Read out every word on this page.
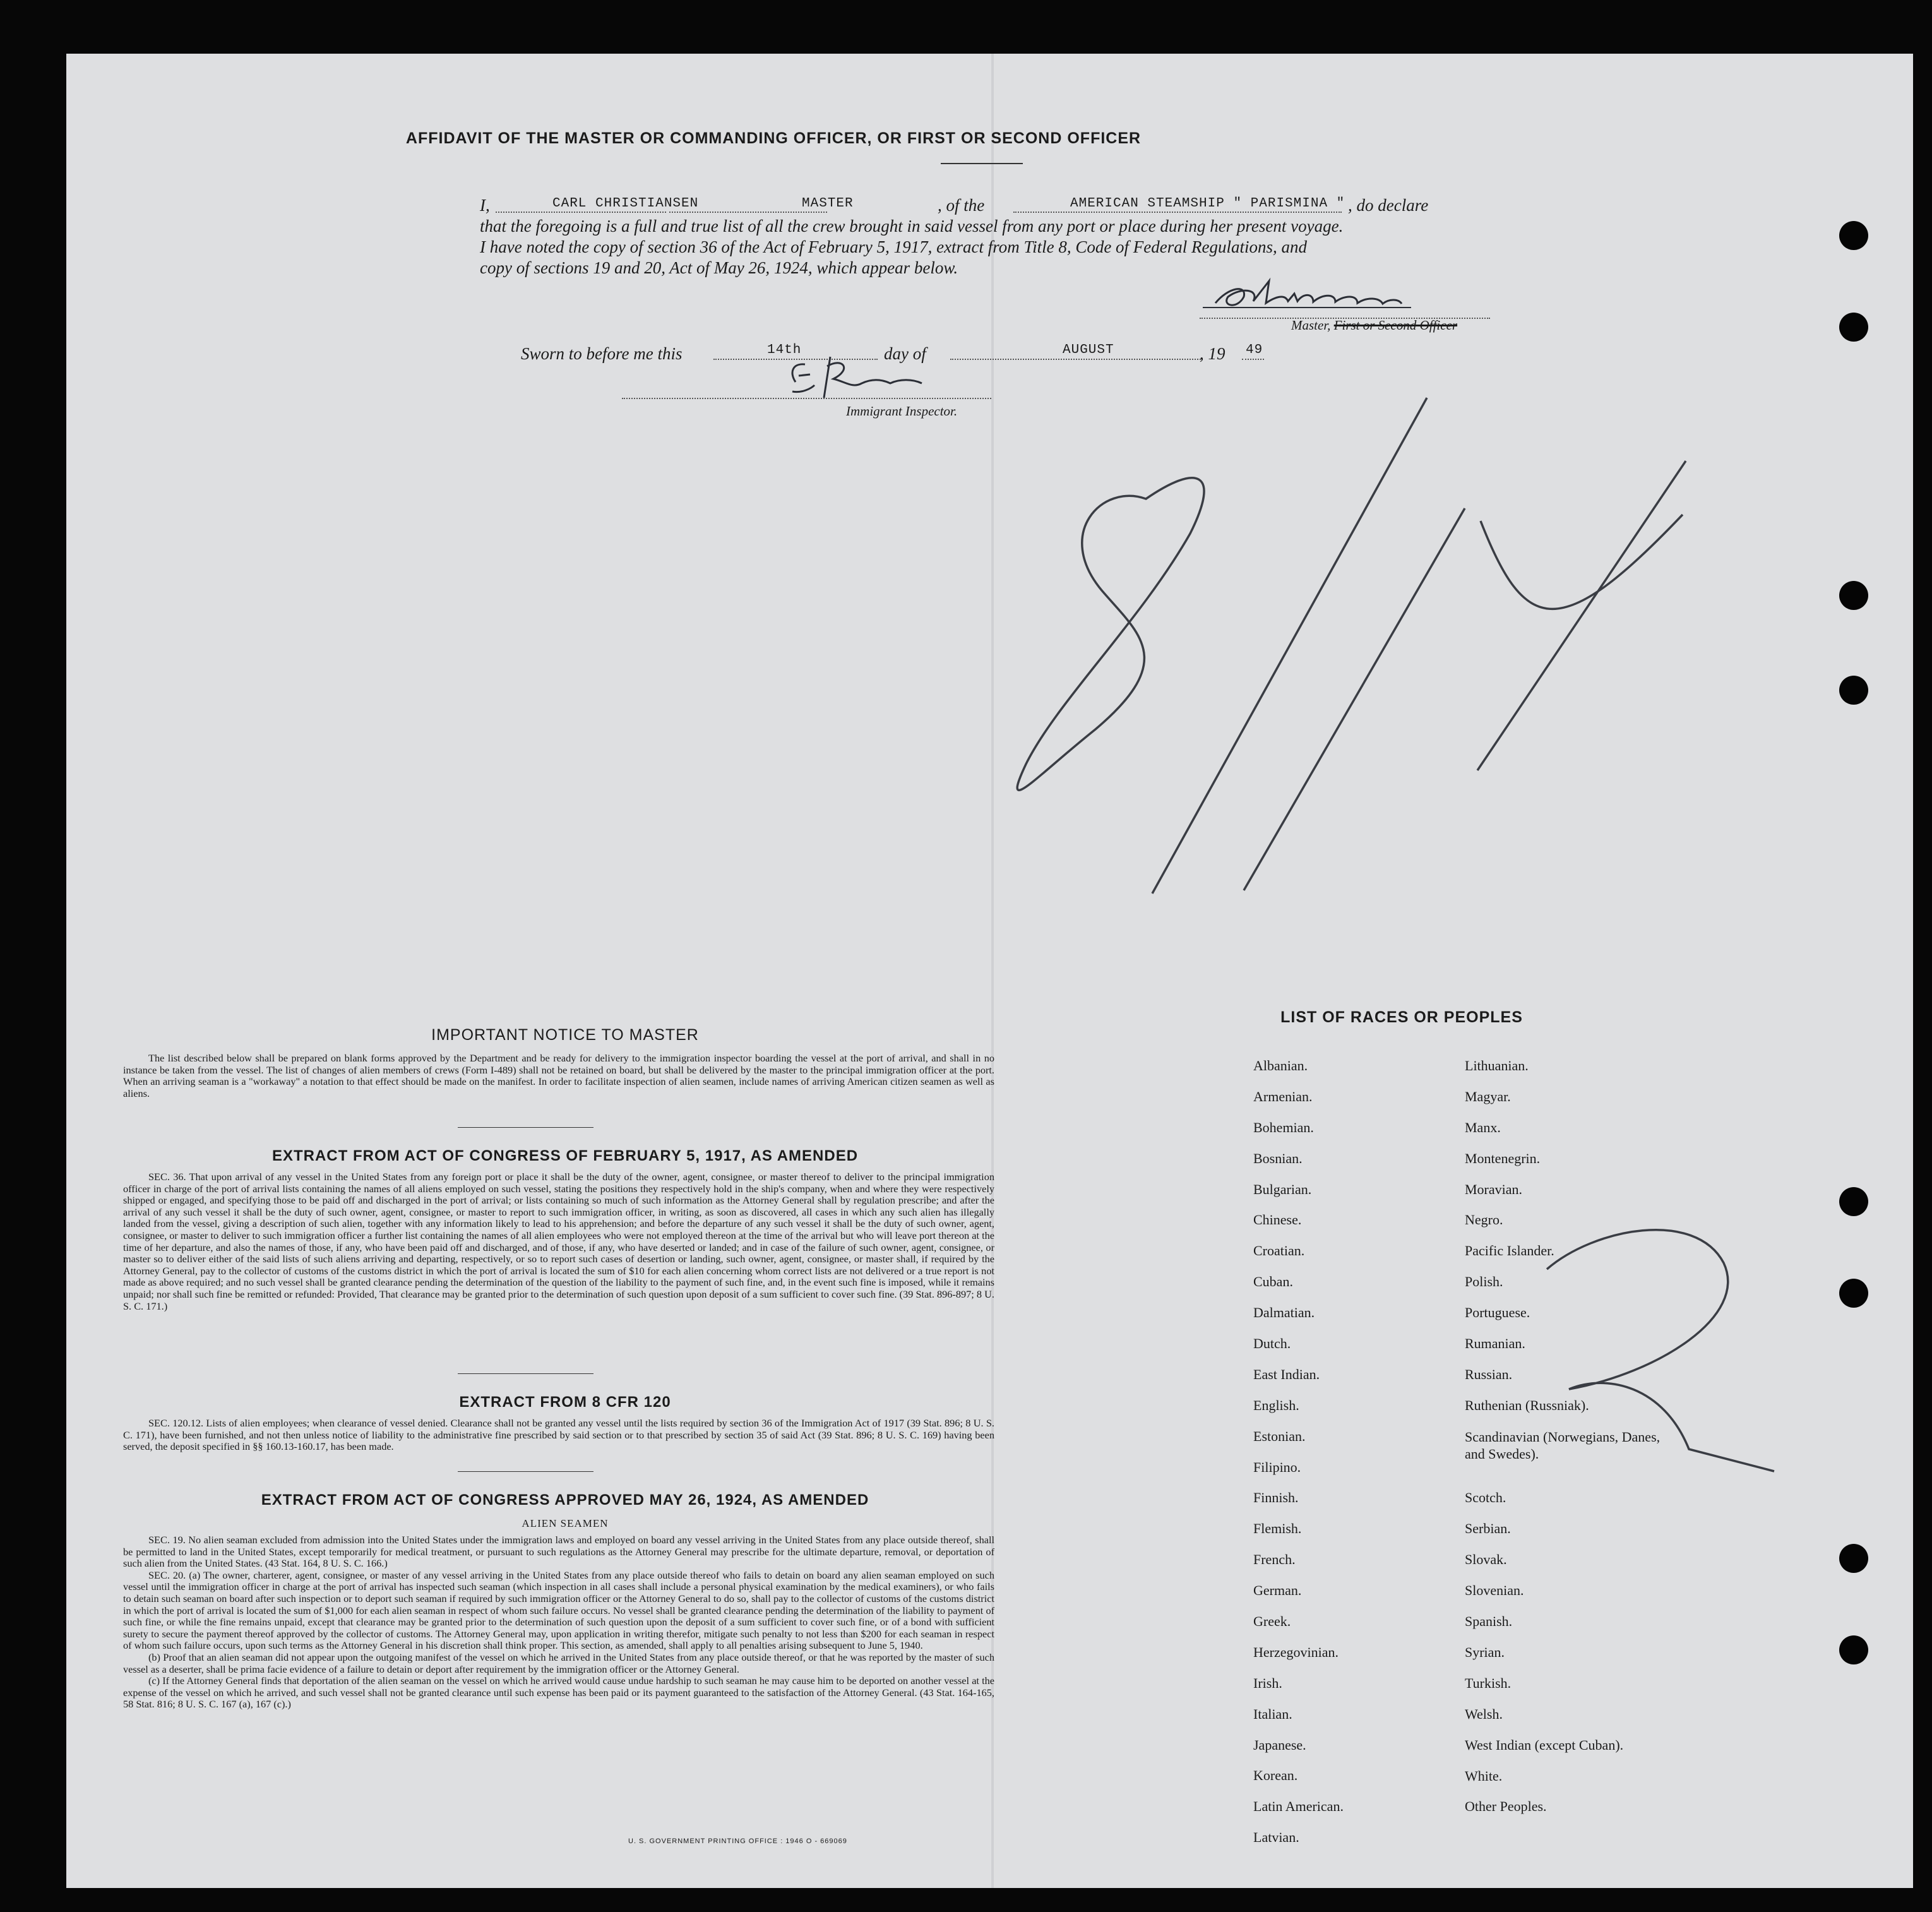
AFFIDAVIT OF THE MASTER OR COMMANDING OFFICER, OR FIRST OR SECOND OFFICER
I,	CARL CHRISTIANSEN	MASTER	, of the	AMERICAN STEAMSHIP " PARISMINA " , do declare
that the foregoing is a full and true list of all the crew brought in said vessel from any port or place during her present voyage.
I have noted the copy of section 36 of the Act of February 5, 1917, extract from Title 8, Code of Federal Regulations, and
copy of sections 19 and 20, Act of May 26, 1924, which appear below.
Master, First or Second Officer
Sworn to before me this	14th	day of	AUGUST	, 19 49
Immigrant Inspector.
IMPORTANT NOTICE TO MASTER

The list described below shall be prepared on blank forms approved by the Department and be ready for delivery to the immigration inspector boarding the vessel at the port of arrival, and shall in no instance be taken from the vessel. The list of changes of alien members of crews (Form I-489) shall not be retained on board, but shall be delivered by the master to the principal immigration officer at the port. When an arriving seaman is a "workaway" a notation to that effect should be made on the manifest. In order to facilitate inspection of alien seamen, include names of arriving American citizen seamen as well as aliens.

EXTRACT FROM ACT OF CONGRESS OF FEBRUARY 5, 1917, AS AMENDED

SEC. 36. That upon arrival of any vessel in the United States from any foreign port or place it shall be the duty of the owner, agent, consignee, or master thereof to deliver to the principal immigration officer in charge of the port of arrival lists containing the names of all aliens employed on such vessel, stating the positions they respectively hold in the ship's company, when and where they were respectively shipped or engaged, and specifying those to be paid off and discharged in the port of arrival; or lists containing so much of such information as the Attorney General shall by regulation prescribe; and after the arrival of any such vessel it shall be the duty of such owner, agent, consignee, or master to report to such immigration officer, in writing, as soon as discovered, all cases in which any such alien has illegally landed from the vessel, giving a description of such alien, together with any information likely to lead to his apprehension; and before the departure of any such vessel it shall be the duty of such owner, agent, consignee, or master to deliver to such immigration officer a further list containing the names of all alien employees who were not employed thereon at the time of the arrival but who will leave port thereon at the time of her departure, and also the names of those, if any, who have been paid off and discharged, and of those, if any, who have deserted or landed; and in case of the failure of such owner, agent, consignee, or master so to deliver either of the said lists of such aliens arriving and departing, respectively, or so to report such cases of desertion or landing, such owner, agent, consignee, or master shall, if required by the Attorney General, pay to the collector of customs of the customs district in which the port of arrival is located the sum of $10 for each alien concerning whom correct lists are not delivered or a true report is not made as above required; and no such vessel shall be granted clearance pending the determination of the question of the liability to the payment of such fine, and, in the event such fine is imposed, while it remains unpaid; nor shall such fine be remitted or refunded: Provided, That clearance may be granted prior to the determination of such question upon deposit of a sum sufficient to cover such fine. (39 Stat. 896-897; 8 U. S. C. 171.)

EXTRACT FROM 8 CFR 120

SEC. 120.12. Lists of alien employees; when clearance of vessel denied. Clearance shall not be granted any vessel until the lists required by section 36 of the Immigration Act of 1917 (39 Stat. 896; 8 U. S. C. 171), have been furnished, and not then unless notice of liability to the administrative fine prescribed by said section or to that prescribed by section 35 of said Act (39 Stat. 896; 8 U. S. C. 169) having been served, the deposit specified in §§ 160.13-160.17, has been made.

EXTRACT FROM ACT OF CONGRESS APPROVED MAY 26, 1924, AS AMENDED
ALIEN SEAMEN

SEC. 19. No alien seaman excluded from admission into the United States under the immigration laws and employed on board any vessel arriving in the United States from any place outside thereof, shall be permitted to land in the United States, except temporarily for medical treatment, or pursuant to such regulations as the Attorney General may prescribe for the ultimate departure, removal, or deportation of such alien from the United States. (43 Stat. 164, 8 U. S. C. 166.)

SEC. 20. (a) The owner, charterer, agent, consignee, or master of any vessel arriving in the United States from any place outside thereof who fails to detain on board any alien seaman employed on such vessel until the immigration officer in charge at the port of arrival has inspected such seaman (which inspection in all cases shall include a personal physical examination by the medical examiners), or who fails to detain such seaman on board after such inspection or to deport such seaman if required by such immigration officer or the Attorney General to do so, shall pay to the collector of customs of the customs district in which the port of arrival is located the sum of $1,000 for each alien seaman in respect of whom such failure occurs. No vessel shall be granted clearance pending the determination of the liability to payment of such fine, or while the fine remains unpaid, except that clearance may be granted prior to the determination of such question upon the deposit of a sum sufficient to cover such fine, or of a bond with sufficient surety to secure the payment thereof approved by the collector of customs. The Attorney General may, upon application in writing therefor, mitigate such penalty to not less than $200 for each seaman in respect of whom such failure occurs, upon such terms as the Attorney General in his discretion shall think proper. This section, as amended, shall apply to all penalties arising subsequent to June 5, 1940.

(b) Proof that an alien seaman did not appear upon the outgoing manifest of the vessel on which he arrived in the United States from any place outside thereof, or that he was reported by the master of such vessel as a deserter, shall be prima facie evidence of a failure to detain or deport after requirement by the immigration officer or the Attorney General.

(c) If the Attorney General finds that deportation of the alien seaman on the vessel on which he arrived would cause undue hardship to such seaman he may cause him to be deported on another vessel at the expense of the vessel on which he arrived, and such vessel shall not be granted clearance until such expense has been paid or its payment guaranteed to the satisfaction of the Attorney General. (43 Stat. 164-165, 58 Stat. 816; 8 U. S. C. 167 (a), 167 (c).)

U. S. GOVERNMENT PRINTING OFFICE : 1946 O - 669069
LIST OF RACES OR PEOPLES
Albanian.
Armenian.
Bohemian.
Bosnian.
Bulgarian.
Chinese.
Croatian.
Cuban.
Dalmatian.
Dutch.
East Indian.
English.
Estonian.
Filipino.
Finnish.
Flemish.
French.
German.
Greek.
Herzegovinian.
Irish.
Italian.
Japanese.
Korean.
Latin American.
Latvian.
Lithuanian.
Magyar.
Manx.
Montenegrin.
Moravian.
Negro.
Pacific Islander.
Polish.
Portuguese.
Rumanian.
Russian.
Ruthenian (Russniak).
Scandinavian (Norwegians, Danes, and Swedes).
Scotch.
Serbian.
Slovak.
Slovenian.
Spanish.
Syrian.
Turkish.
Welsh.
West Indian (except Cuban).
White.
Other Peoples.
